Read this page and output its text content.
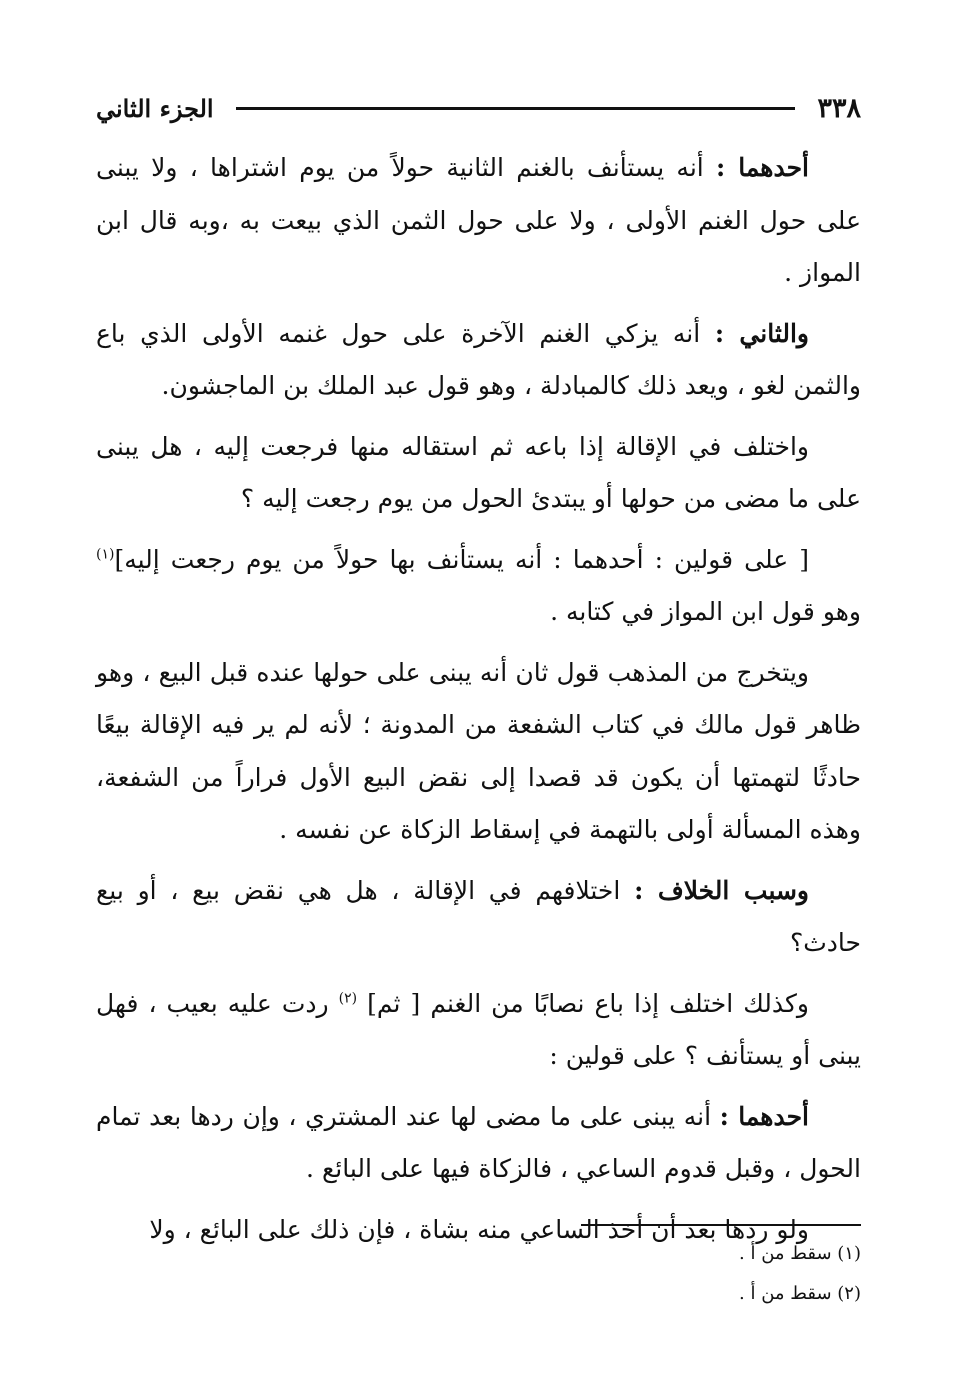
٣٣٨
الجزء الثاني

أحدهما : أنه يستأنف بالغنم الثانية حولاً من يوم اشتراها ، ولا يبنى على حول الغنم الأولى ، ولا على حول الثمن الذي بيعت به ،وبه قال ابن المواز .

والثاني : أنه يزكي الغنم الآخرة على حول غنمه الأولى الذي باع والثمن لغو ، ويعد ذلك كالمبادلة ، وهو قول عبد الملك بن الماجشون.

واختلف في الإقالة إذا باعه ثم استقاله منها فرجعت إليه ، هل يبنى على ما مضى من حولها أو يبتدئ الحول من يوم رجعت إليه ؟

[ على قولين : أحدهما : أنه يستأنف بها حولاً من يوم رجعت إليه]$^{(١)}$ وهو قول ابن المواز في كتابه .

ويتخرج من المذهب قول ثان أنه يبنى على حولها عنده قبل البيع ، وهو ظاهر قول مالك في كتاب الشفعة من المدونة ؛ لأنه لم ير فيه الإقالة بيعًا حادثًا لتهمتها أن يكون قد قصدا إلى نقض البيع الأول فراراً من الشفعة، وهذه المسألة أولى بالتهمة في إسقاط الزكاة عن نفسه .

وسبب الخلاف : اختلافهم في الإقالة ، هل هي نقض بيع ، أو بيع حادث؟

وكذلك اختلف إذا باع نصابًا من الغنم [ ثم] $^{(٢)}$ ردت عليه بعيب ، فهل يبنى أو يستأنف ؟ على قولين :

أحدهما : أنه يبنى على ما مضى لها عند المشتري ، وإن ردها بعد تمام الحول ، وقبل قدوم الساعي ، فالزكاة فيها على البائع .

ولو ردها بعد أن أخذ الساعي منه بشاة ، فإن ذلك على البائع ، ولا

(١) سقط من أ .

(٢) سقط من أ .
